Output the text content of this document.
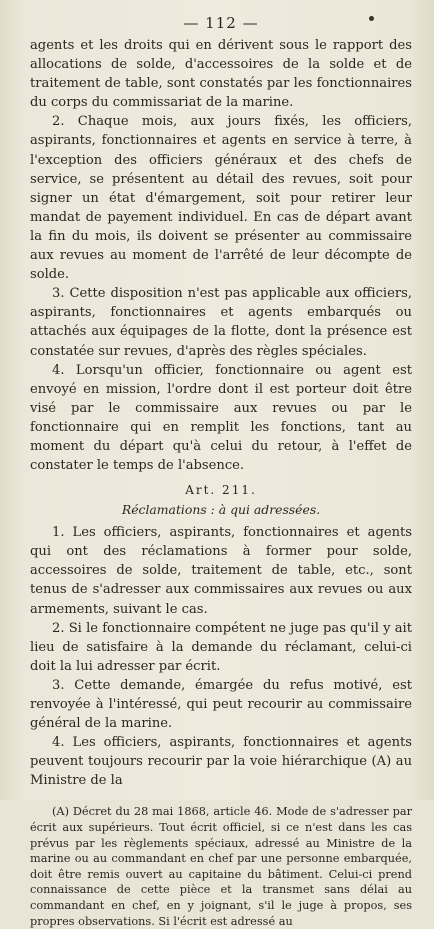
— 112 —

agents et les droits qui en dérivent sous le rapport des allocations de solde, d'accessoires de la solde et de traitement de table, sont constatés par les fonctionnaires du corps du commissariat de la marine.

2. Chaque mois, aux jours fixés, les officiers, aspirants, fonctionnaires et agents en service à terre, à l'exception des officiers généraux et des chefs de service, se présentent au détail des revues, soit pour signer un état d'émargement, soit pour retirer leur mandat de payement individuel. En cas de départ avant la fin du mois, ils doivent se présenter au commissaire aux revues au moment de l'arrêté de leur décompte de solde.

3. Cette disposition n'est pas applicable aux officiers, aspirants, fonctionnaires et agents embarqués ou attachés aux équipages de la flotte, dont la présence est constatée sur revues, d'après des règles spéciales.

4. Lorsqu'un officier, fonctionnaire ou agent est envoyé en mission, l'ordre dont il est porteur doit être visé par le commissaire aux revues ou par le fonctionnaire qui en remplit les fonctions, tant au moment du départ qu'à celui du retour, à l'effet de constater le temps de l'absence.

Art. 211.
Réclamations : à qui adressées.

1. Les officiers, aspirants, fonctionnaires et agents qui ont des réclamations à former pour solde, accessoires de solde, traitement de table, etc., sont tenus de s'adresser aux commissaires aux revues ou aux armements, suivant le cas.

2. Si le fonctionnaire compétent ne juge pas qu'il y ait lieu de satisfaire à la demande du réclamant, celui-ci doit la lui adresser par écrit.

3. Cette demande, émargée du refus motivé, est renvoyée à l'intéressé, qui peut recourir au commissaire général de la marine.

4. Les officiers, aspirants, fonctionnaires et agents peuvent toujours recourir par la voie hiérarchique (A) au Ministre de la

(A) Décret du 28 mai 1868, article 46. Mode de s'adresser par écrit aux supérieurs. Tout écrit officiel, si ce n'est dans les cas prévus par les règlements spéciaux, adressé au Ministre de la marine ou au commandant en chef par une personne embarquée, doit être remis ouvert au capitaine du bâtiment. Celui-ci prend connaissance de cette pièce et la transmet sans délai au commandant en chef, en y joignant, s'il le juge à propos, ses propres observations. Si l'écrit est adressé au
